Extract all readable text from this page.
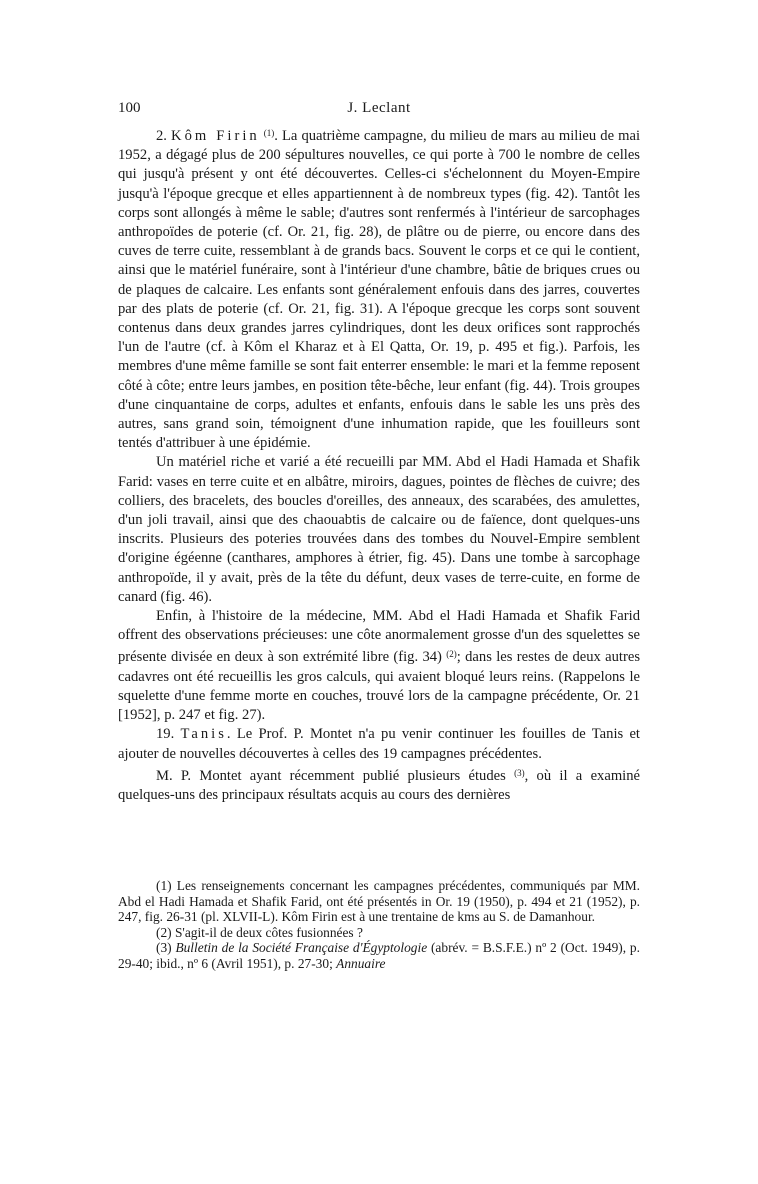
100	J. Leclant

2. Kôm Firin $^{(1)}$. La quatrième campagne, du milieu de mars au milieu de mai 1952, a dégagé plus de 200 sépultures nouvelles, ce qui porte à 700 le nombre de celles qui jusqu'à présent y ont été découvertes. Celles-ci s'échelonnent du Moyen-Empire jusqu'à l'époque grecque et elles appartiennent à de nombreux types (fig. 42). Tantôt les corps sont allongés à même le sable; d'autres sont renfermés à l'intérieur de sarcophages anthropoïdes de poterie (cf. Or. 21, fig. 28), de plâtre ou de pierre, ou encore dans des cuves de terre cuite, ressemblant à de grands bacs. Souvent le corps et ce qui le contient, ainsi que le matériel funéraire, sont à l'intérieur d'une chambre, bâtie de briques crues ou de plaques de calcaire. Les enfants sont généralement enfouis dans des jarres, couvertes par des plats de poterie (cf. Or. 21, fig. 31). A l'époque grecque les corps sont souvent contenus dans deux grandes jarres cylindriques, dont les deux orifices sont rapprochés l'un de l'autre (cf. à Kôm el Kharaz et à El Qatta, Or. 19, p. 495 et fig.). Parfois, les membres d'une même famille se sont fait enterrer ensemble: le mari et la femme reposent côté à côte; entre leurs jambes, en position tête-bêche, leur enfant (fig. 44). Trois groupes d'une cinquantaine de corps, adultes et enfants, enfouis dans le sable les uns près des autres, sans grand soin, témoignent d'une inhumation rapide, que les fouilleurs sont tentés d'attribuer à une épidémie.

Un matériel riche et varié a été recueilli par MM. Abd el Hadi Hamada et Shafik Farid: vases en terre cuite et en albâtre, miroirs, dagues, pointes de flèches de cuivre; des colliers, des bracelets, des boucles d'oreilles, des anneaux, des scarabées, des amulettes, d'un joli travail, ainsi que des chaouabtis de calcaire ou de faïence, dont quelques-uns inscrits. Plusieurs des poteries trouvées dans des tombes du Nouvel-Empire semblent d'origine égéenne (canthares, amphores à étrier, fig. 45). Dans une tombe à sarcophage anthropoïde, il y avait, près de la tête du défunt, deux vases de terre-cuite, en forme de canard (fig. 46).

Enfin, à l'histoire de la médecine, MM. Abd el Hadi Hamada et Shafik Farid offrent des observations précieuses: une côte anormalement grosse d'un des squelettes se présente divisée en deux à son extrémité libre (fig. 34) $^{(2)}$; dans les restes de deux autres cadavres ont été recueillis les gros calculs, qui avaient bloqué leurs reins. (Rappelons le squelette d'une femme morte en couches, trouvé lors de la campagne précédente, Or. 21 [1952], p. 247 et fig. 27).

19. Tanis. Le Prof. P. Montet n'a pu venir continuer les fouilles de Tanis et ajouter de nouvelles découvertes à celles des 19 campagnes précédentes.

M. P. Montet ayant récemment publié plusieurs études $^{(3)}$, où il a examiné quelques-uns des principaux résultats acquis au cours des dernières

(1) Les renseignements concernant les campagnes précédentes, communiqués par MM. Abd el Hadi Hamada et Shafik Farid, ont été présentés in Or. 19 (1950), p. 494 et 21 (1952), p. 247, fig. 26-31 (pl. XLVII-L). Kôm Firin est à une trentaine de kms au S. de Damanhour.

(2) S'agit-il de deux côtes fusionnées ?

(3) Bulletin de la Société Française d'Égyptologie (abrév. = B.S.F.E.) nº 2 (Oct. 1949), p. 29-40; ibid., nº 6 (Avril 1951), p. 27-30; Annuaire
